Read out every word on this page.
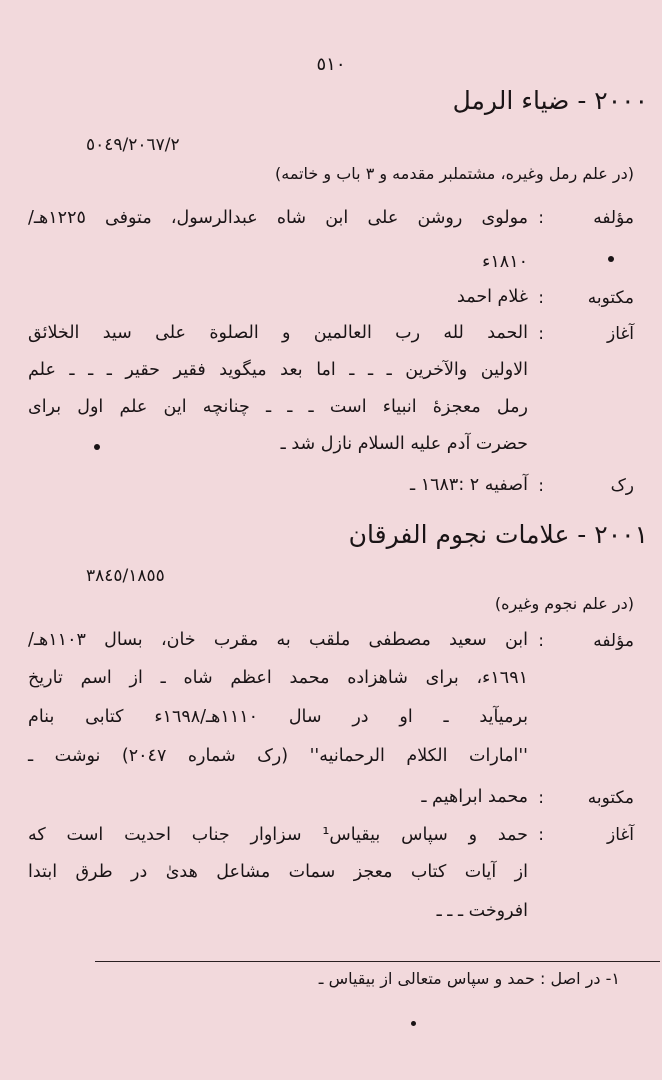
٥١٠
۲۰۰۰ - ضیاء الرمل
٥٠٤٩/٢٠٦٧/٢
(در علم رمل وغیره، مشتملبر مقدمه و ۳ باب و خاتمه)
مؤلفه
:
مولوی روشن علی ابن شاه عبدالرسول، متوفی ١٢٢٥هـ/
١٨١٠ء
مکتوبه
:
غلام احمد
آغاز
:
الحمد لله رب العالمین و الصلوة علی سید الخلائق
الاولین والآخرین ـ ـ ـ اما بعد میگوید فقیر حقیر ـ ـ ـ علم
رمل معجزهٔ انبیاء است ـ ـ ـ چنانچه این علم اول برای
حضرت آدم علیه السلام نازل شد ـ
رک
:
آصفیه ٢ :١٦٨٣ ـ
۲۰۰۱ - علامات نجوم الفرقان
٣٨٤٥/١٨٥٥
(در علم نجوم وغیره)
مؤلفه
:
ابن سعید مصطفی ملقب به مقرب خان، بسال ١١٠٣هـ/
١٦٩١ء، برای شاهزاده محمد اعظم شاه ـ از اسم تاریخ
برمیآید ـ او در سال ١١١٠هـ/١٦٩٨ء کتابی بنام
''امارات الکلام الرحمانیه'' (رک شماره ٢٠٤٧) نوشت ـ
مکتوبه
:
محمد ابراهیم ـ
آغاز
:
حمد و سپاس بیقیاس¹ سزاوار جناب احدیت است که
از آیات کتاب معجز سمات مشاعل هدیٰ در طرق ابتدا
افروخت ـ ـ ـ
۱- در اصل : حمد و سپاس متعالی از بیقیاس ـ
